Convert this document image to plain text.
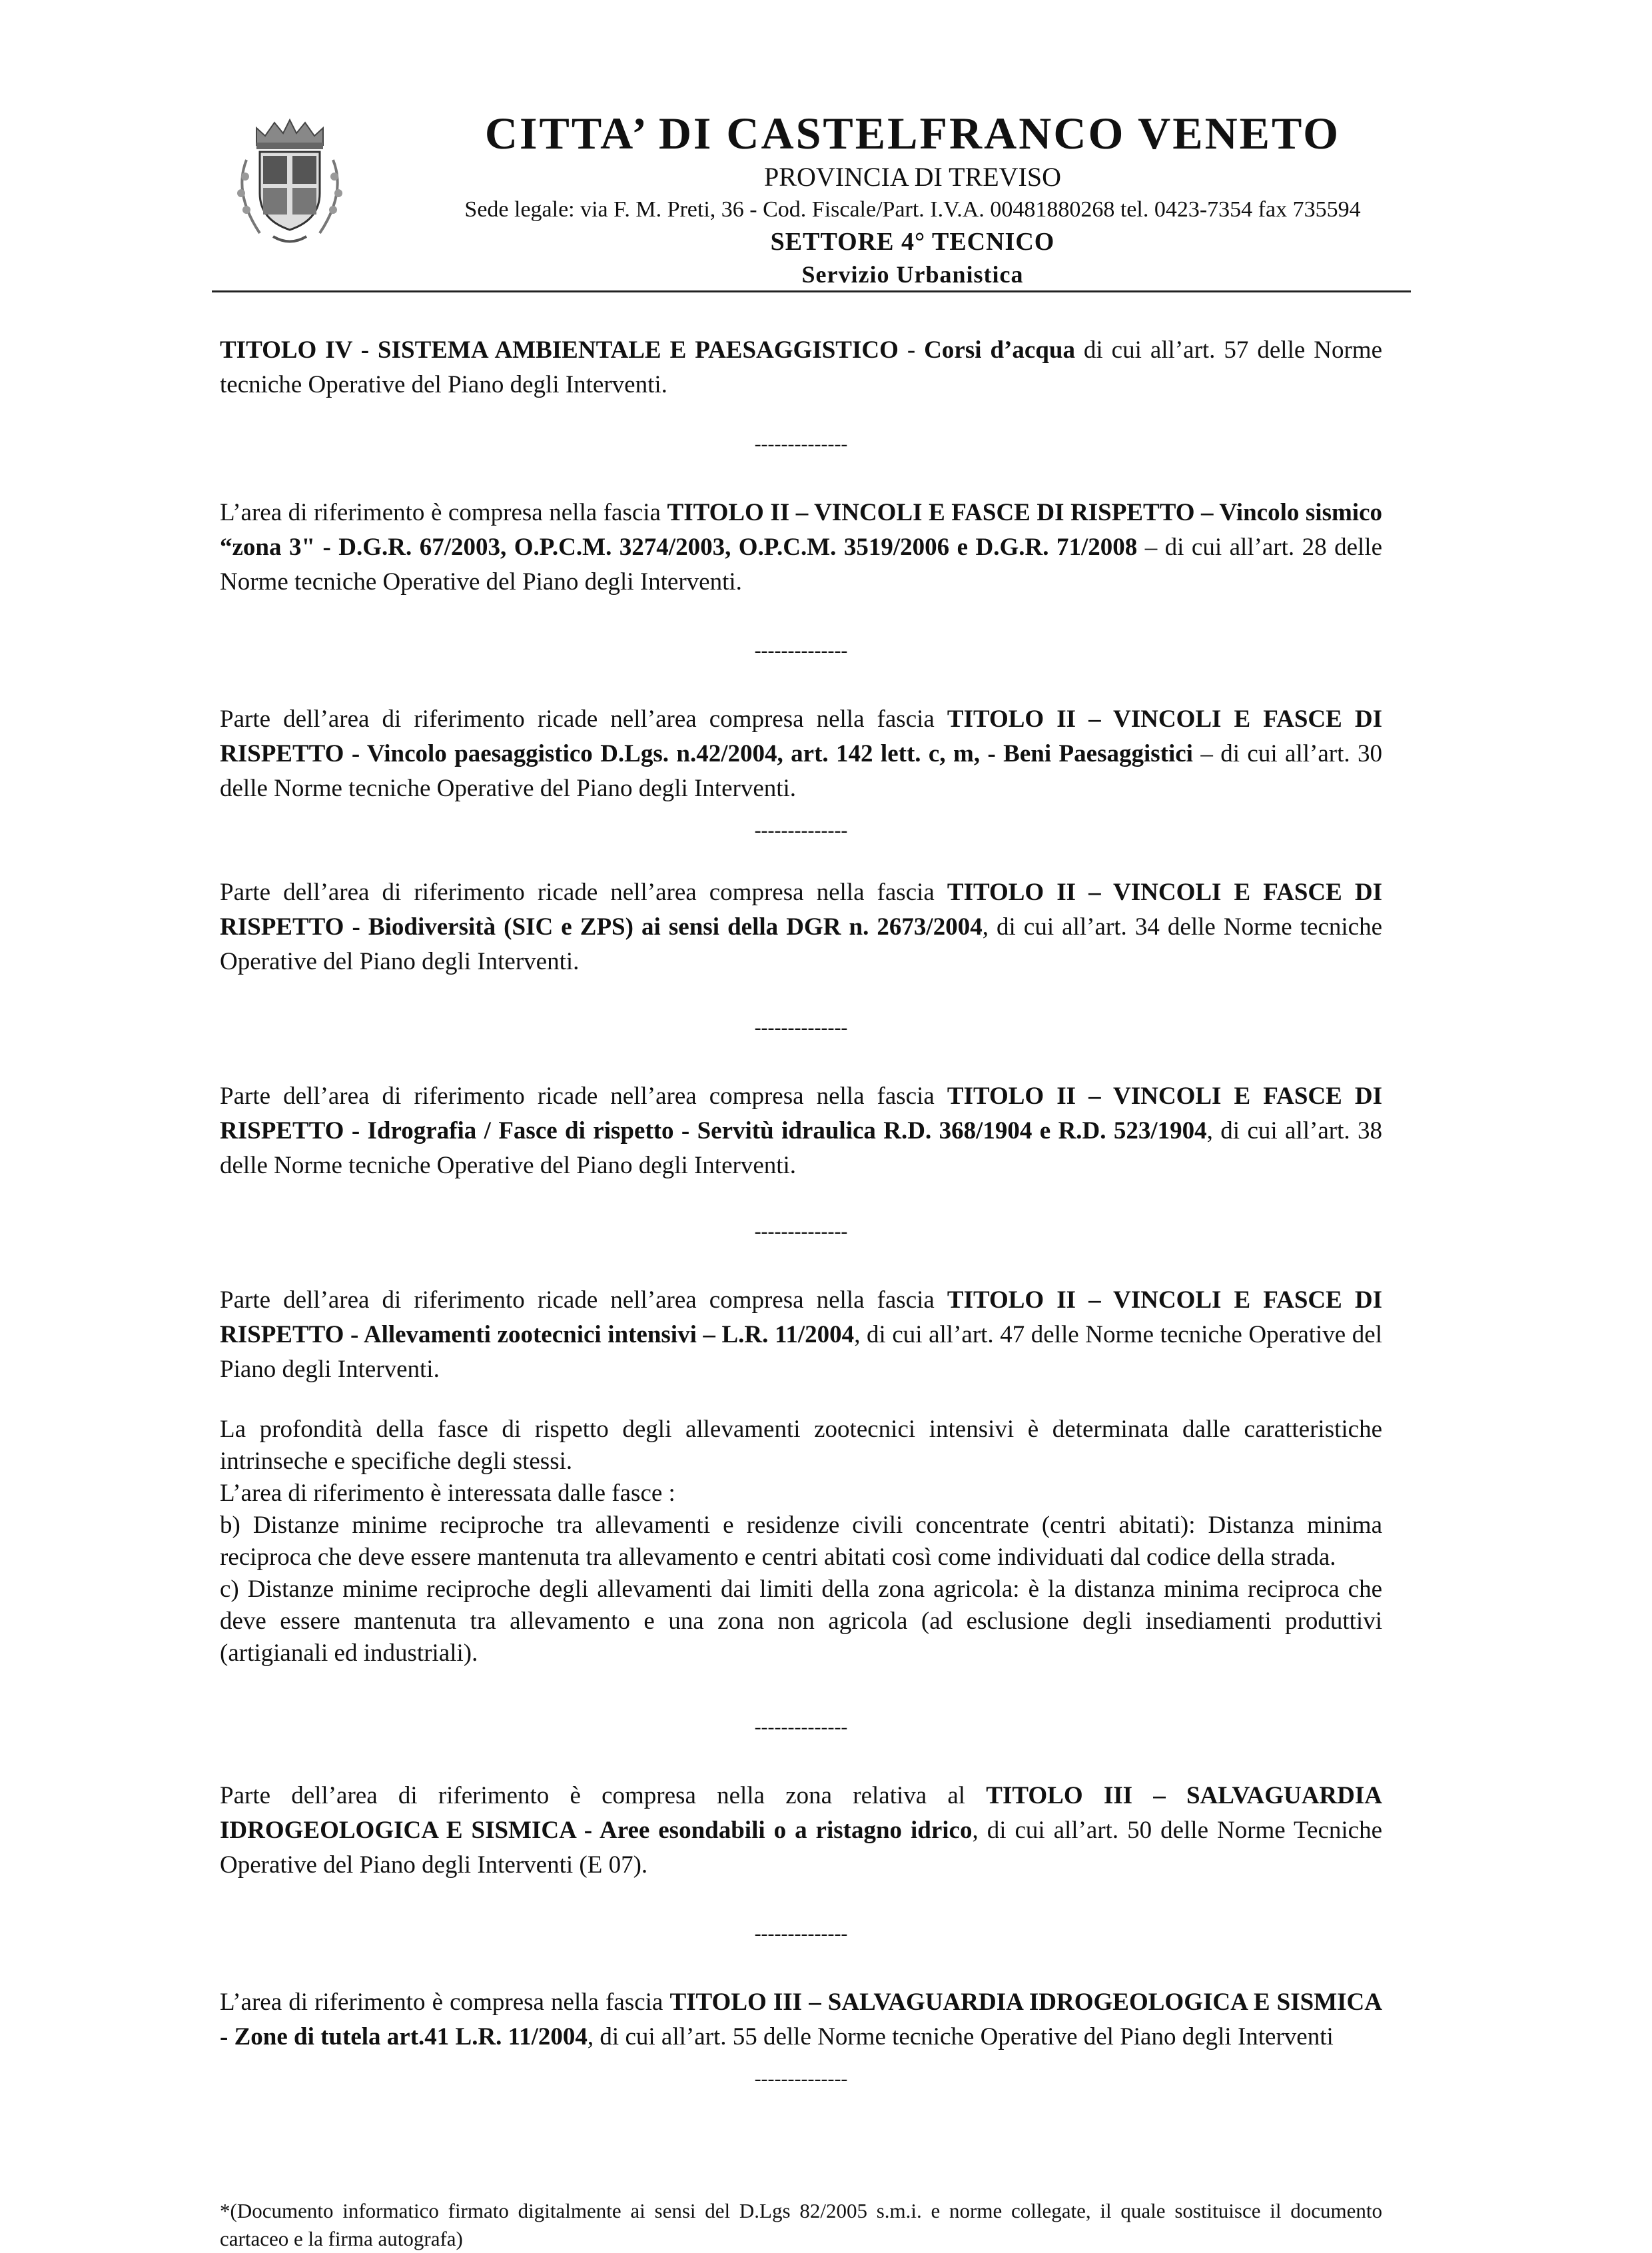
CITTA’ DI CASTELFRANCO VENETO
PROVINCIA DI TREVISO
Sede legale: via F. M. Preti, 36 - Cod. Fiscale/Part. I.V.A. 00481880268 tel. 0423-7354 fax 735594
SETTORE 4° TECNICO
Servizio Urbanistica

TITOLO IV - SISTEMA AMBIENTALE E PAESAGGISTICO - Corsi d’acqua di cui all’art. 57 delle Norme tecniche Operative del Piano degli Interventi.

--------------

L’area di riferimento è compresa nella fascia TITOLO II – VINCOLI E FASCE DI RISPETTO – Vincolo sismico “zona 3" - D.G.R. 67/2003, O.P.C.M. 3274/2003, O.P.C.M. 3519/2006 e D.G.R. 71/2008 – di cui all’art. 28 delle Norme tecniche Operative del Piano degli Interventi.

--------------

Parte dell’area di riferimento ricade nell’area compresa nella fascia TITOLO II – VINCOLI E FASCE DI RISPETTO - Vincolo paesaggistico D.Lgs. n.42/2004, art. 142 lett. c, m, - Beni Paesaggistici – di cui all’art. 30 delle Norme tecniche Operative del Piano degli Interventi.

--------------

Parte dell’area di riferimento ricade nell’area compresa nella fascia TITOLO II – VINCOLI E FASCE DI RISPETTO - Biodiversità (SIC e ZPS) ai sensi della DGR n. 2673/2004, di cui all’art. 34 delle Norme tecniche Operative del Piano degli Interventi.

--------------

Parte dell’area di riferimento ricade nell’area compresa nella fascia TITOLO II – VINCOLI E FASCE DI RISPETTO - Idrografia / Fasce di rispetto - Servitù idraulica R.D. 368/1904 e R.D. 523/1904, di cui all’art. 38 delle Norme tecniche Operative del Piano degli Interventi.

--------------

Parte dell’area di riferimento ricade nell’area compresa nella fascia TITOLO II – VINCOLI E FASCE DI RISPETTO - Allevamenti zootecnici intensivi – L.R. 11/2004, di cui all’art. 47 delle Norme tecniche Operative del Piano degli Interventi.

La profondità della fasce di rispetto degli allevamenti zootecnici intensivi è determinata dalle caratteristiche intrinseche e specifiche degli stessi.

L’area di riferimento è interessata dalle fasce :

b) Distanze minime reciproche tra allevamenti e residenze civili concentrate (centri abitati): Distanza minima reciproca che deve essere mantenuta tra allevamento e centri abitati così come individuati dal codice della strada.

c) Distanze minime reciproche degli allevamenti dai limiti della zona agricola: è la distanza minima reciproca che deve essere mantenuta tra allevamento e una zona non agricola (ad esclusione degli insediamenti produttivi (artigianali ed industriali).

--------------

Parte dell’area di riferimento è compresa nella zona relativa al TITOLO III – SALVAGUARDIA IDROGEOLOGICA E SISMICA - Aree esondabili o a ristagno idrico, di cui all’art. 50 delle Norme Tecniche Operative del Piano degli Interventi (E 07).

--------------

L’area di riferimento è compresa nella fascia TITOLO III – SALVAGUARDIA IDROGEOLOGICA E SISMICA - Zone di tutela art.41 L.R. 11/2004, di cui all’art. 55 delle Norme tecniche Operative del Piano degli Interventi

--------------
*(Documento informatico firmato digitalmente ai sensi del D.Lgs 82/2005 s.m.i. e norme collegate, il quale sostituisce il documento cartaceo e la firma autografa)
